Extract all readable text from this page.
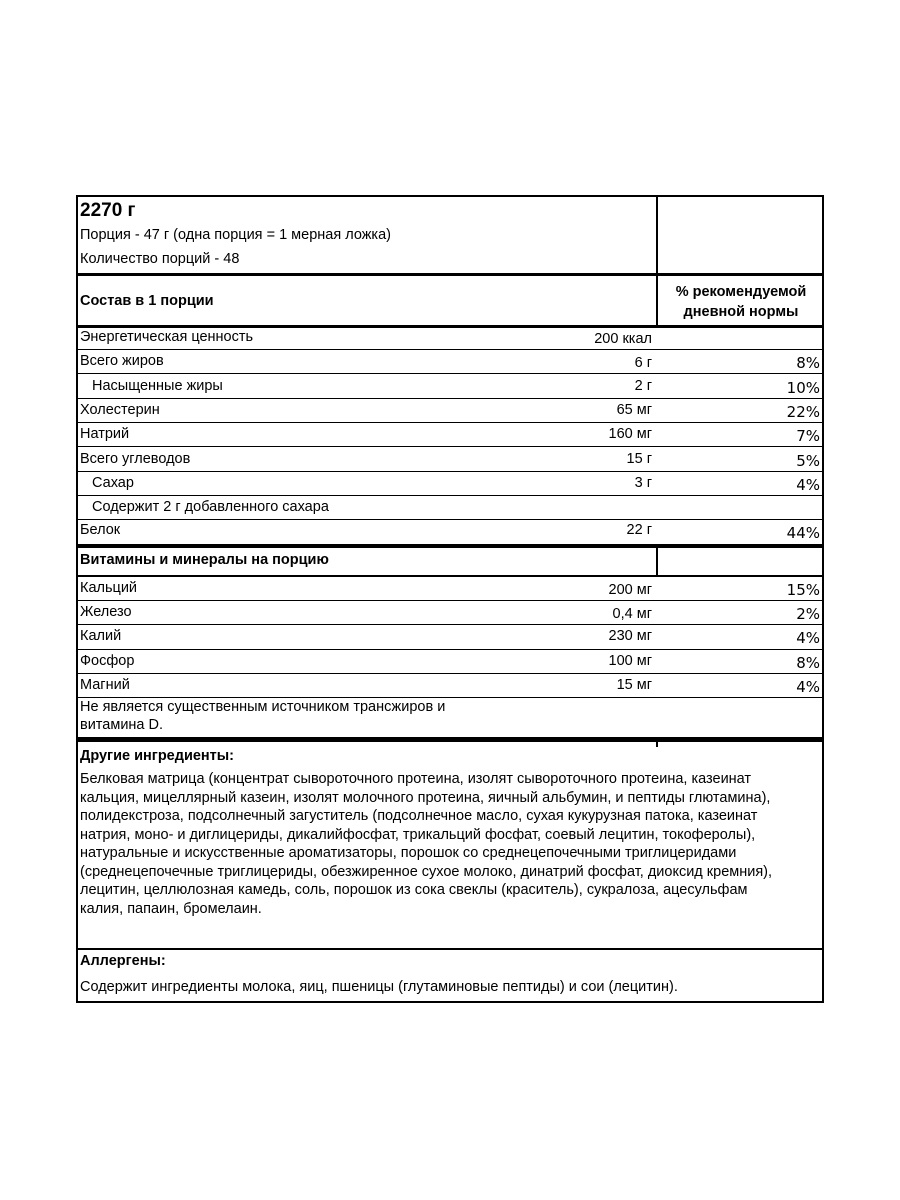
2270 г
Порция - 47 г (одна порция = 1 мерная ложка)
Количество порций - 48
Состав в 1 порции
% рекомендуемой
дневной нормы
Энергетическая ценность	200 ккал
Всего жиров	6 г	8%
Насыщенные жиры	2 г	10%
Холестерин	65 мг	22%
Натрий	160 мг	7%
Всего углеводов	15 г	5%
Сахар	3 г	4%
Содержит 2 г добавленного сахара
Белок	22 г	44%
Витамины и минералы на порцию
Кальций	200 мг	15%
Железо	0,4 мг	2%
Калий	230 мг	4%
Фосфор	100 мг	8%
Магний	15 мг	4%
Не является существенным источником трансжиров и
витамина D.
Другие ингредиенты:
Белковая матрица (концентрат сывороточного протеина, изолят сывороточного протеина, казеинат
кальция, мицеллярный казеин, изолят молочного протеина, яичный альбумин, и пептиды глютамина),
полидекстроза, подсолнечный загуститель (подсолнечное масло, сухая кукурузная патока, казеинат
натрия, моно- и диглицериды, дикалийфосфат, трикальций фосфат, соевый лецитин, токоферолы),
натуральные и искусственные ароматизаторы, порошок со среднецепочечными триглицеридами
(среднецепочечные триглицериды, обезжиренное сухое молоко, динатрий фосфат, диоксид кремния),
лецитин, целлюлозная камедь, соль, порошок из сока свеклы (краситель), сукралоза, ацесульфам
калия, папаин, бромелаин.
Аллергены:
Содержит ингредиенты молока, яиц, пшеницы (глутаминовые пептиды) и сои (лецитин).
